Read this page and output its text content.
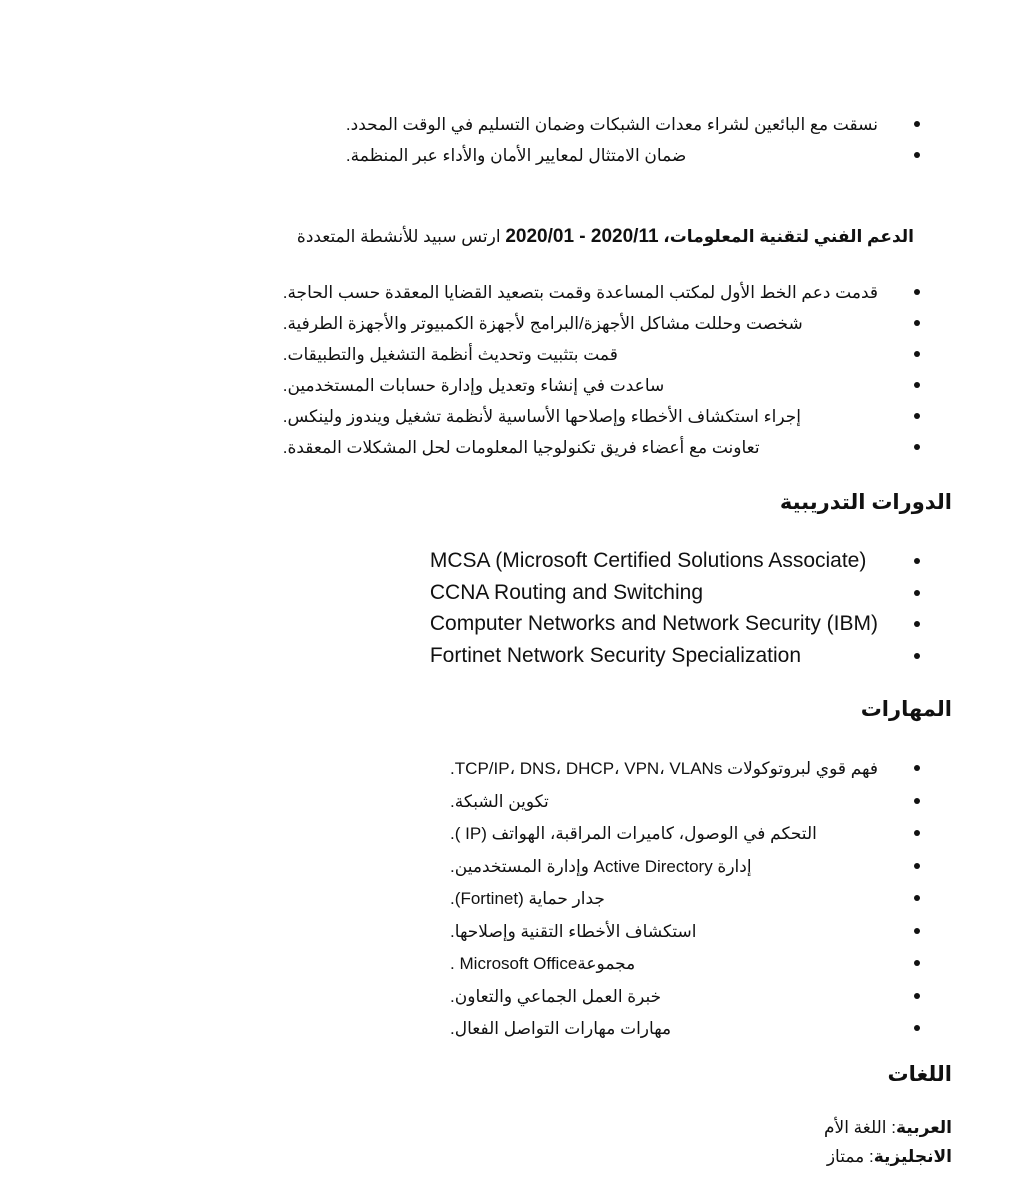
نسقت مع البائعين لشراء معدات الشبكات وضمان التسليم في الوقت المحدد.
ضمان الامتثال لمعايير الأمان والأداء عبر المنظمة.
الدعم الفني لتقنية المعلومات، 2020/01 - 2020/11 ارتس سبيد للأنشطة المتعددة
قدمت دعم الخط الأول لمكتب المساعدة وقمت بتصعيد القضايا المعقدة حسب الحاجة.
شخصت وحللت مشاكل الأجهزة/البرامج لأجهزة الكمبيوتر والأجهزة الطرفية.
قمت بتثبيت وتحديث أنظمة التشغيل والتطبيقات.
ساعدت في إنشاء وتعديل وإدارة حسابات المستخدمين.
إجراء استكشاف الأخطاء وإصلاحها الأساسية لأنظمة تشغيل ويندوز ولينكس.
تعاونت مع أعضاء فريق تكنولوجيا المعلومات لحل المشكلات المعقدة.
الدورات التدريبية
MCSA (Microsoft Certified Solutions Associate)
CCNA Routing and Switching
Computer Networks and Network Security (IBM)
Fortinet Network Security Specialization
المهارات
فهم قوي لبروتوكولات TCP/IP، DNS، DHCP، VPN، VLANs.
تكوين الشبكة.
التحكم في الوصول، كاميرات المراقبة، الهواتف (IP ).
إدارة Active Directory وإدارة المستخدمين.
جدار حماية (Fortinet).
استكشاف الأخطاء التقنية وإصلاحها.
مجموعةMicrosoft Office .
خبرة العمل الجماعي والتعاون.
مهارات مهارات التواصل الفعال.
اللغات
العربية: اللغة الأم
الانجليزية: ممتاز
